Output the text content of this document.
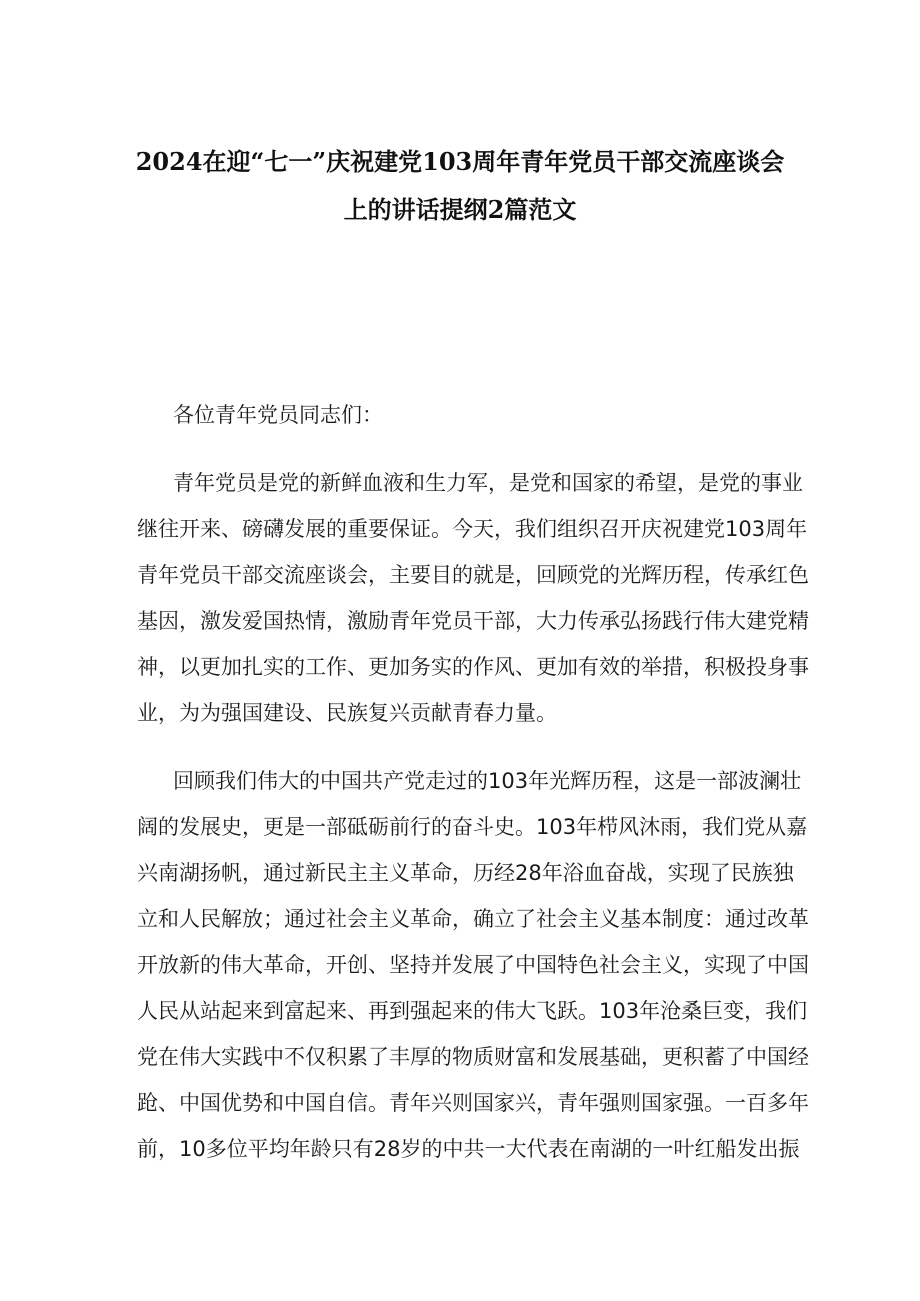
2024在迎“七一”庆祝建党103周年青年党员干部交流座谈会
上的讲话提纲2篇范文

各位青年党员同志们：

青年党员是党的新鲜血液和生力军，是党和国家的希望，是党的事业
继往开来、磅礴发展的重要保证。今天，我们组织召开庆祝建党103周年
青年党员干部交流座谈会，主要目的就是，回顾党的光辉历程，传承红色
基因，激发爱国热情，激励青年党员干部，大力传承弘扬践行伟大建党精
神，以更加扎实的工作、更加务实的作风、更加有效的举措，积极投身事
业，为为强国建设、民族复兴贡献青春力量。

回顾我们伟大的中国共产党走过的103年光辉历程，这是一部波澜壮
阔的发展史，更是一部砥砺前行的奋斗史。103年栉风沐雨，我们党从嘉
兴南湖扬帆，通过新民主主义革命，历经28年浴血奋战，实现了民族独
立和人民解放；通过社会主义革命，确立了社会主义基本制度：通过改革
开放新的伟大革命，开创、坚持并发展了中国特色社会主义，实现了中国
人民从站起来到富起来、再到强起来的伟大飞跃。103年沧桑巨变，我们
党在伟大实践中不仅积累了丰厚的物质财富和发展基础，更积蓄了中国经
跄、中国优势和中国自信。青年兴则国家兴，青年强则国家强。一百多年
前，10多位平均年龄只有28岁的中共一大代表在南湖的一叶红船发出振
